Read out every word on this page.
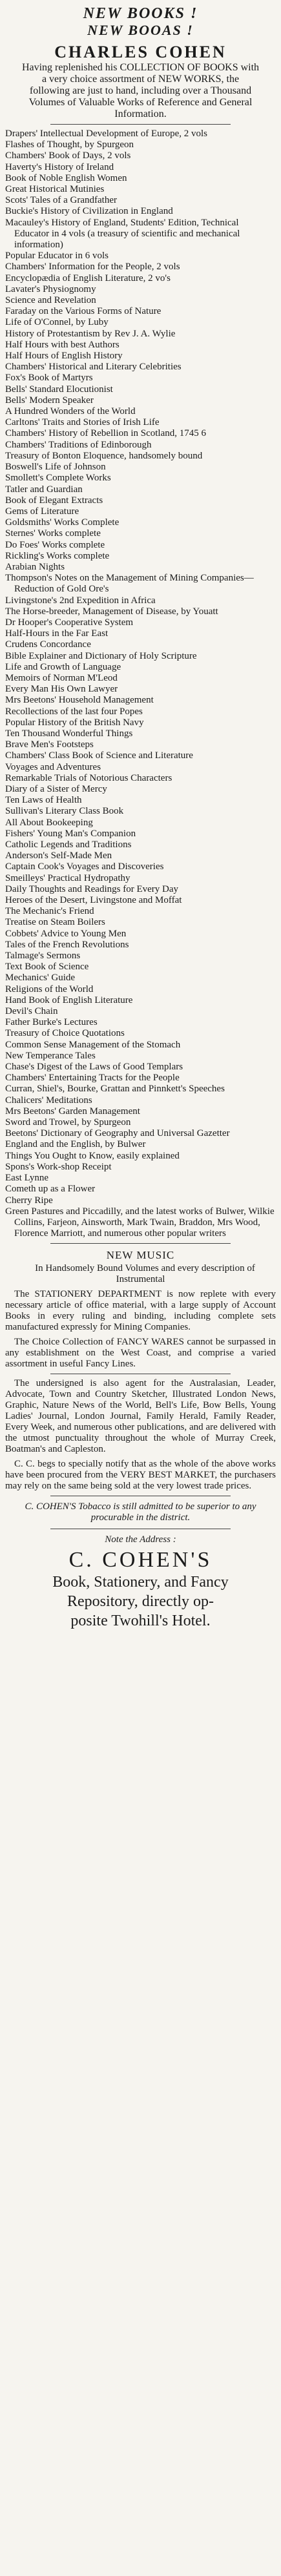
NEW BOOKS !
NEW BOOAS !
CHARLES COHEN
Having replenished his COLLECTION OF BOOKS with a very choice assortment of NEW WORKS, the following are just to hand, including over a Thousand Volumes of Valuable Works of Reference and General Information.
Drapers' Intellectual Development of Europe, 2 vols
Flashes of Thought, by Spurgeon
Chambers' Book of Days, 2 vols
Haverty's History of Ireland
Book of Noble English Women
Great Historical Mutinies
Scots' Tales of a Grandfather
Buckie's History of Civilization in England
Macauley's History of England, Students' Edition, Technical Educator in 4 vols (a treasury of scientific and mechanical information)
Popular Educator in 6 vols
Chambers' Information for the People, 2 vols
Encyclopædia of English Literature, 2 vo's
Lavater's Physiognomy
Science and Revelation
Faraday on the Various Forms of Nature
Life of O'Connel, by Luby
History of Protestantism by Rev J. A. Wylie
Half Hours with best Authors
Half Hours of English History
Chambers' Historical and Literary Celebrities
Fox's Book of Martyrs
Bells' Standard Elocutionist
Bells' Modern Speaker
A Hundred Wonders of the World
Carltons' Traits and Stories of Irish Life
Chambers' History of Rebellion in Scotland, 1745 6
Chambers' Traditions of Edinborough
Treasury of Bonton Eloquence, handsomely bound
Boswell's Life of Johnson
Smollett's Complete Works
Tatler and Guardian
Book of Elegant Extracts
Gems of Literature
Goldsmiths' Works Complete
Sternes' Works complete
Do Foes' Works complete
Rickling's Works complete
Arabian Nights
Thompson's Notes on the Management of Mining Companies—Reduction of Gold Ore's
Livingstone's 2nd Expedition in Africa
The Horse-breeder, Management of Disease, by Youatt
Dr Hooper's Cooperative System
Half-Hours in the Far East
Crudens Concordance
Bible Explainer and Dictionary of Holy Scripture
Life and Growth of Language
Memoirs of Norman M'Leod
Every Man His Own Lawyer
Mrs Beetons' Household Management
Recollections of the last four Popes
Popular History of the British Navy
Ten Thousand Wonderful Things
Brave Men's Footsteps
Chambers' Class Book of Science and Literature
Voyages and Adventures
Remarkable Trials of Notorious Characters
Diary of a Sister of Mercy
Ten Laws of Health
Sullivan's Literary Class Book
All About Bookeeping
Fishers' Young Man's Companion
Catholic Legends and Traditions
Anderson's Self-Made Men
Captain Cook's Voyages and Discoveries
Smeilleys' Practical Hydropathy
Daily Thoughts and Readings for Every Day
Heroes of the Desert, Livingstone and Moffat
The Mechanic's Friend
Treatise on Steam Boilers
Cobbets' Advice to Young Men
Tales of the French Revolutions
Talmage's Sermons
Text Book of Science
Mechanics' Guide
Religions of the World
Hand Book of English Literature
Devil's Chain
Father Burke's Lectures
Treasury of Choice Quotations
Common Sense Management of the Stomach
New Temperance Tales
Chase's Digest of the Laws of Good Templars
Chambers' Entertaining Tracts for the People
Curran, Shiel's, Bourke, Grattan and Pinnkett's Speeches
Chalicers' Meditations
Mrs Beetons' Garden Management
Sword and Trowel, by Spurgeon
Beetons' Dictionary of Geography and Universal Gazetter
England and the English, by Bulwer
Things You Ought to Know, easily explained
Spons's Work-shop Receipt
East Lynne
Cometh up as a Flower
Cherry Ripe
Green Pastures and Piccadilly, and the latest works of Bulwer, Wilkie Collins, Farjeon, Ainsworth, Mark Twain, Braddon, Mrs Wood, Florence Marriott, and numerous other popular writers
NEW MUSIC
In Handsomely Bound Volumes and every description of Instrumental
The STATIONERY DEPARTMENT is now replete with every necessary article of office material, with a large supply of Account Books in every ruling and binding, including complete sets manufactured expressly for Mining Companies.
The Choice Collection of FANCY WARES cannot be surpassed in any establishment on the West Coast, and comprise a varied assortment in useful Fancy Lines.
The undersigned is also agent for the Australasian, Leader, Advocate, Town and Country Sketcher, Illustrated London News, Graphic, Nature News of the World, Bell's Life, Bow Bells, Young Ladies' Journal, London Journal, Family Herald, Family Reader, Every Week, and numerous other publications, and are delivered with the utmost punctuality throughout the whole of Murray Creek, Boatman's and Capleston.
C. C. begs to specially notify that as the whole of the above works have been procured from the VERY BEST MARKET, the purchasers may rely on the same being sold at the very lowest trade prices.
C. COHEN'S Tobacco is still admitted to be superior to any procurable in the district.
Note the Address :
C. COHEN'S
Book, Stationery, and Fancy
Repository, directly op-
posite Twohill's Hotel.
